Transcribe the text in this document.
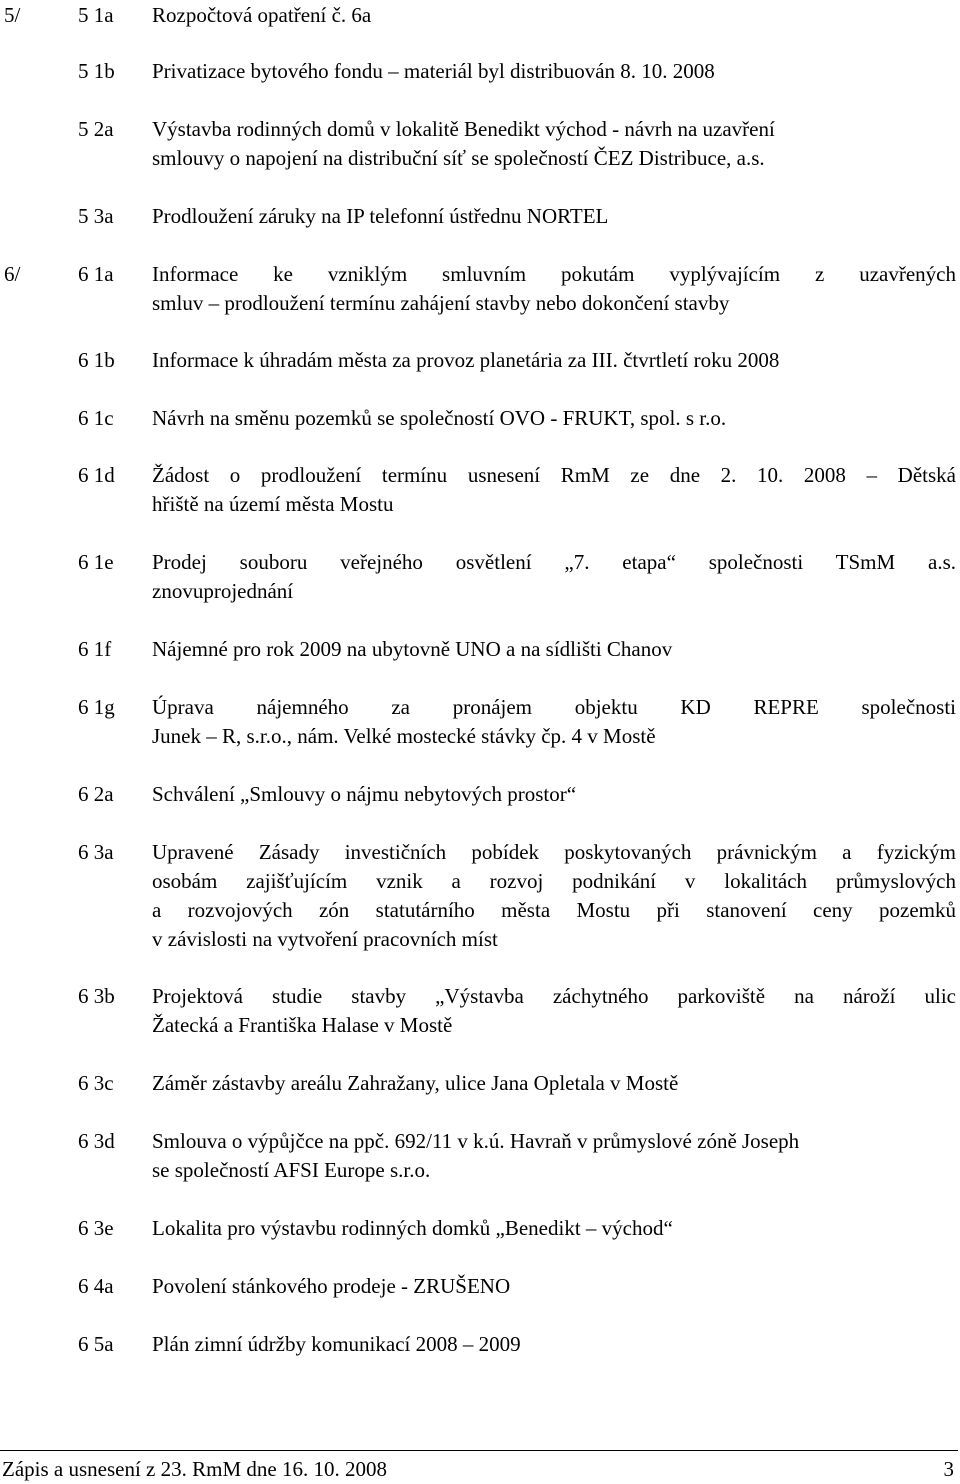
5/	5 1a Rozpočtová opatření č. 6a
5 1b Privatizace bytového fondu – materiál byl distribuován 8. 10. 2008
5 2a Výstavba rodinných domů v lokalitě Benedikt východ - návrh na uzavření
smlouvy o napojení na distribuční síť se společností ČEZ Distribuce, a.s.
5 3a Prodloužení záruky na IP telefonní ústřednu NORTEL
6/	6 1a Informace ke vzniklým smluvním pokutám vyplývajícím z uzavřených
smluv – prodloužení termínu zahájení stavby nebo dokončení stavby
6 1b Informace k úhradám města za provoz planetária za III. čtvrtletí roku 2008
6 1c Návrh na směnu pozemků se společností OVO - FRUKT, spol. s r.o.
6 1d Žádost o prodloužení termínu usnesení RmM ze dne 2. 10. 2008 – Dětská
hřiště na území města Mostu
6 1e Prodej souboru veřejného osvětlení „7. etapa“ společnosti TSmM a.s.
znovuprojednání
6 1f Nájemné pro rok 2009 na ubytovně UNO a na sídlišti Chanov
6 1g Úprava nájemného za pronájem objektu KD REPRE společnosti
Junek – R, s.r.o., nám. Velké mostecké stávky čp. 4 v Mostě
6 2a Schválení „Smlouvy o nájmu nebytových prostor“
6 3a Upravené Zásady investičních pobídek poskytovaných právnickým a fyzickým
osobám zajišťujícím vznik a rozvoj podnikání v lokalitách průmyslových
a rozvojových zón statutárního města Mostu při stanovení ceny pozemků
v závislosti na vytvoření pracovních míst
6 3b Projektová studie stavby „Výstavba záchytného parkoviště na nároží ulic
Žatecká a Františka Halase v Mostě
6 3c Záměr zástavby areálu Zahražany, ulice Jana Opletala v Mostě
6 3d Smlouva o výpůjčce na ppč. 692/11 v k.ú. Havraň v průmyslové zóně Joseph
se společností AFSI Europe s.r.o.
6 3e Lokalita pro výstavbu rodinných domků „Benedikt – východ“
6 4a Povolení stánkového prodeje - ZRUŠENO
6 5a Plán zimní údržby komunikací 2008 – 2009
Zápis a usnesení z 23. RmM dne 16. 10. 2008	3
